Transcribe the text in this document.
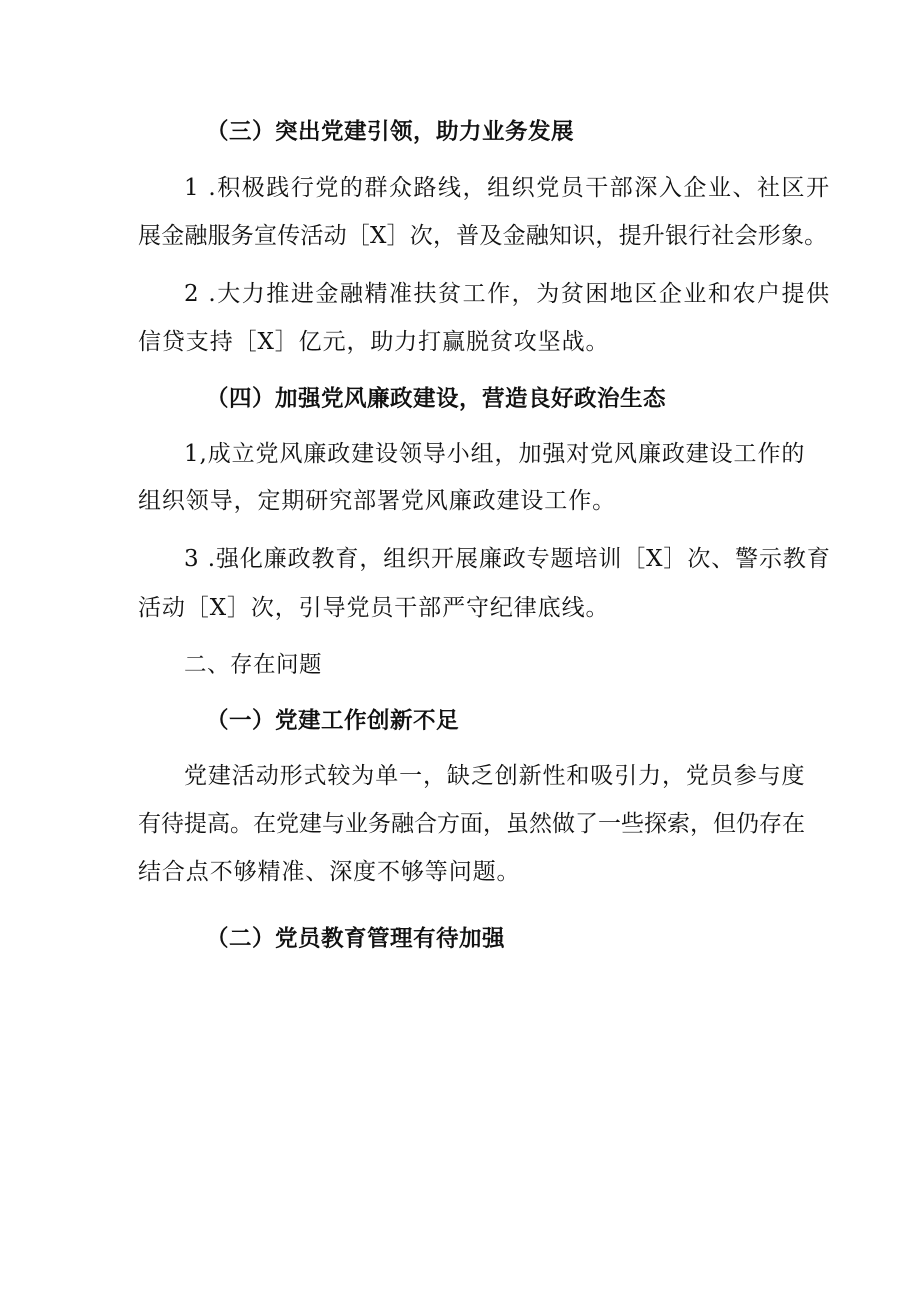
（三）突出党建引领，助力业务发展

1 .积极践行党的群众路线，组织党员干部深入企业、社区开

展金融服务宣传活动［X］次，普及金融知识，提升银行社会形象。

2 .大力推进金融精准扶贫工作，为贫困地区企业和农户提供

信贷支持［X］亿元，助力打赢脱贫攻坚战。

（四）加强党风廉政建设，营造良好政治生态

1,成立党风廉政建设领导小组，加强对党风廉政建设工作的

组织领导，定期研究部署党风廉政建设工作。

3 .强化廉政教育，组织开展廉政专题培训［X］次、警示教育

活动［X］次，引导党员干部严守纪律底线。

二、存在问题

（一）党建工作创新不足

党建活动形式较为单一，缺乏创新性和吸引力，党员参与度

有待提高。在党建与业务融合方面，虽然做了一些探索，但仍存在

结合点不够精准、深度不够等问题。

（二）党员教育管理有待加强
